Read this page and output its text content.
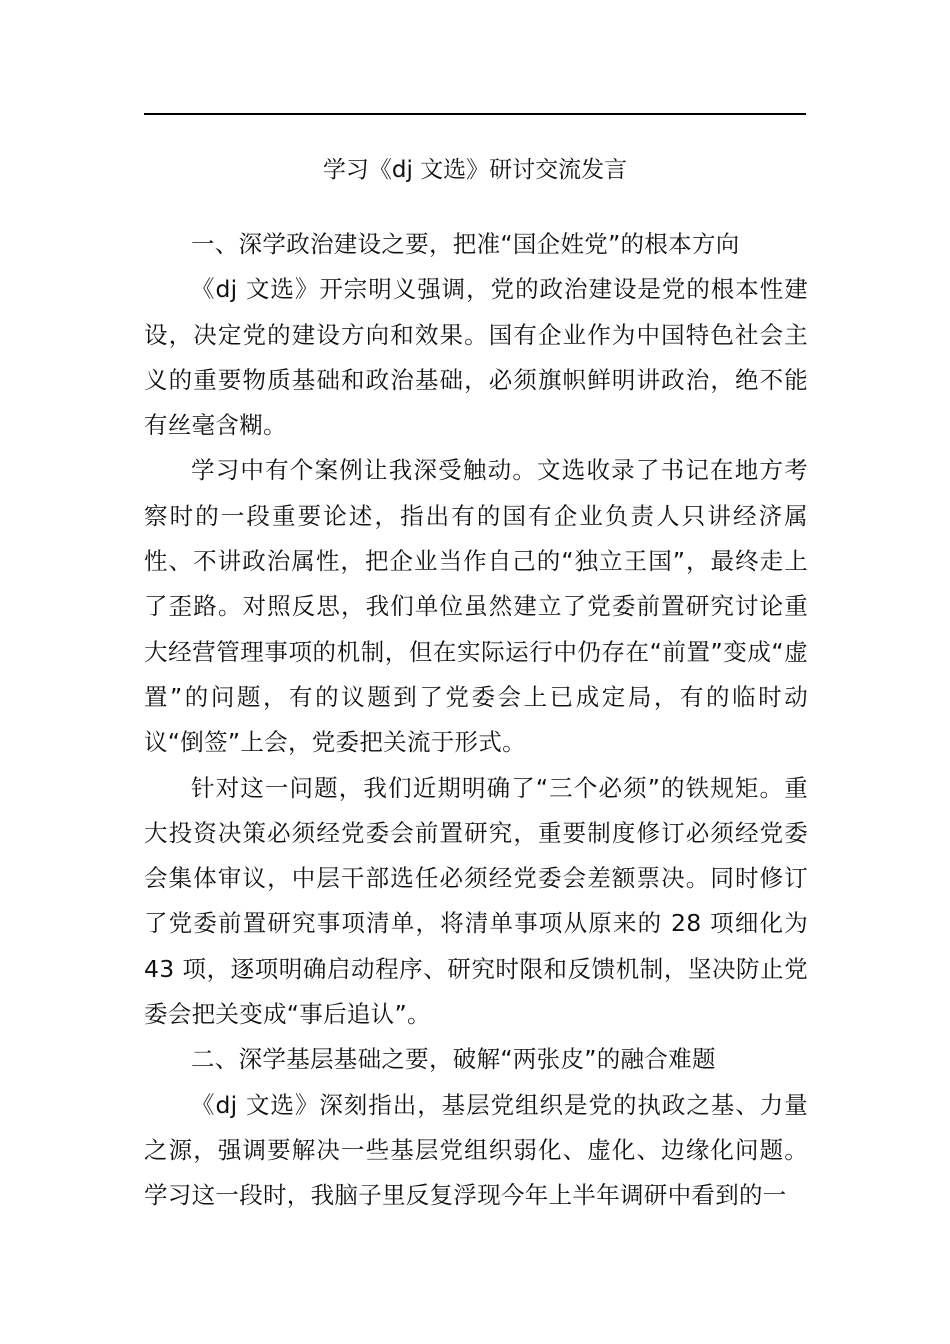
学习《dj 文选》研讨交流发言

一、深学政治建设之要，把准“国企姓党”的根本方向

《dj 文选》开宗明义强调，党的政治建设是党的根本性建设，决定党的建设方向和效果。国有企业作为中国特色社会主义的重要物质基础和政治基础，必须旗帜鲜明讲政治，绝不能有丝毫含糊。

学习中有个案例让我深受触动。文选收录了书记在地方考察时的一段重要论述，指出有的国有企业负责人只讲经济属性、不讲政治属性，把企业当作自己的“独立王国”，最终走上了歪路。对照反思，我们单位虽然建立了党委前置研究讨论重大经营管理事项的机制，但在实际运行中仍存在“前置”变成“虚置”的问题，有的议题到了党委会上已成定局，有的临时动议“倒签”上会，党委把关流于形式。

针对这一问题，我们近期明确了“三个必须”的铁规矩。重大投资决策必须经党委会前置研究，重要制度修订必须经党委会集体审议，中层干部选任必须经党委会差额票决。同时修订了党委前置研究事项清单，将清单事项从原来的 28 项细化为 43 项，逐项明确启动程序、研究时限和反馈机制，坚决防止党委会把关变成“事后追认”。

二、深学基层基础之要，破解“两张皮”的融合难题

《dj 文选》深刻指出，基层党组织是党的执政之基、力量之源，强调要解决一些基层党组织弱化、虚化、边缘化问题。学习这一段时，我脑子里反复浮现今年上半年调研中看到的一
